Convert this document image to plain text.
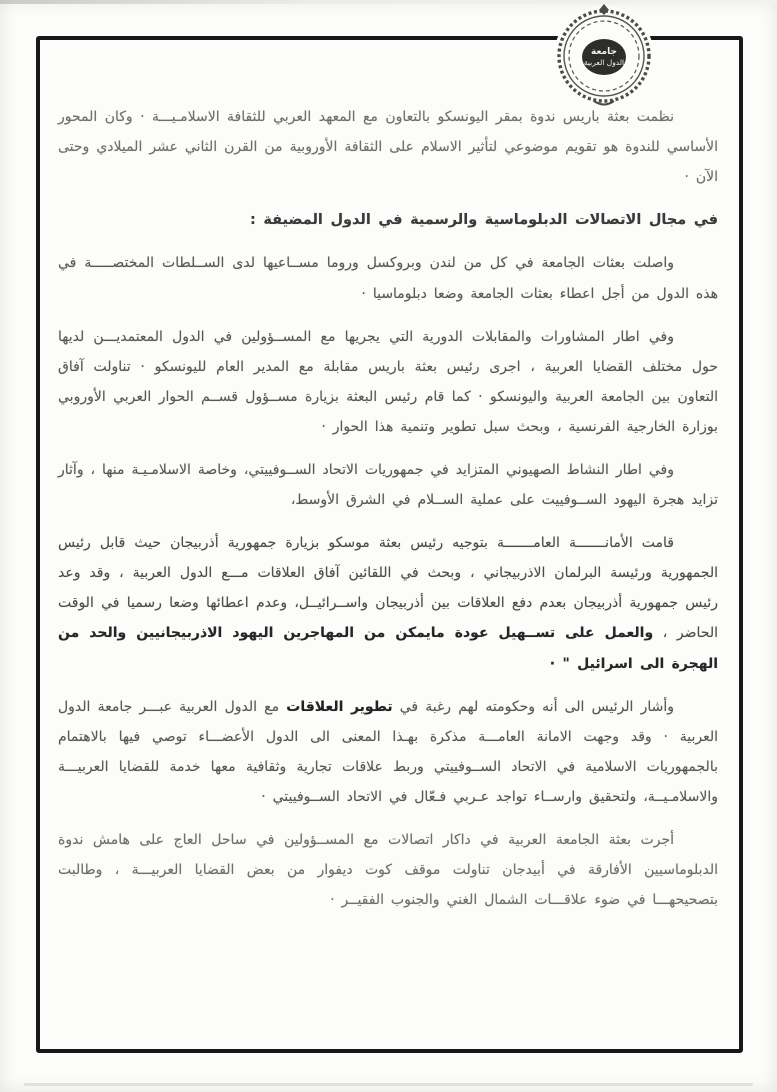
جامعة
الدول العربية

نظمت بعثة باريس ندوة بمقر اليونسكو بالتعاون مع المعهد العربي للثقافة الاسلامـيـــة · وكان المحور الأساسي للندوة هو تقويم موضوعي لتأثير الاسلام على الثقافة الأوروبية من القرن الثاني عشر الميلادي وحتى الآن ·

في مجال الاتصالات الدبلوماسية والرسمية في الدول المضيفة :

واصلت بعثات الجامعة في كل من لندن وبروكسل وروما مســاعيها لدى الســلطات المختصـــــة في هذه الدول من أجل اعطاء بعثات الجامعة وضعا دبلوماسيا ·

وفي اطار المشاورات والمقابلات الدورية التي يجريها مع المســؤولين في الدول المعتمديـــن لديها حول مختلف القضايا العربية ، اجرى رئيس بعثة باريس مقابلة مع المدير العام لليونسكو · تناولت آفاق التعاون بين الجامعة العربية واليونسكو · كما قام رئيس البعثة بزيارة مســؤول قســم الحوار العربي الأوروبي بوزارة الخارجية الفرنسية ، وبحث سبل تطوير وتنمية هذا الحوار ·

وفي اطار النشاط الصهيوني المتزايد في جمهوريات الاتحاد الســوفييتي، وخاصة الاسلامـيـة منها ، وآثار تزايد هجرة اليهود الســوفييت على عملية الســلام في الشرق الأوسط،

قامت الأمانـــــــة العامـــــــة بتوجيه رئيس بعثة موسكو بزيارة جمهورية أذربيجان حيث قابل رئيس الجمهورية ورئيسة البرلمان الاذربيجاني ، وبحث في اللقائين آفاق العلاقات مـــع الدول العربية ، وقد وعد رئيس جمهورية أذربيجان بعدم دفع العلاقات بين أذربيجان واســرائيــل، وعدم اعطائها وضعا رسميا في الوقت الحاضر ، والعمل على تســهيل عودة مايمكن من المهاجرين اليهود الاذربيجانيين والحد من الهجرة الى اسرائيل " ·

وأشار الرئيس الى أنه وحكومته لهم رغبة في تطوير العلاقات مع الدول العربية عبـــر جامعة الدول العربية · وقد وجهت الامانة العامـــة مذكرة بهـذا المعنى الى الدول الأعضـــاء توصي فيها بالاهتمام بالجمهوريات الاسلامية في الاتحاد الســوفييتي وربط علاقات تجارية وثقافية معها خدمة للقضايا العربيـــة والاسلامـيــة، ولتحقيق وارســاء تواجد عـربي فـعّال في الاتحاد الســوفييتي ·

أجرت بعثة الجامعة العربية في داكار اتصالات مع المســؤولين في ساحل العاج على هامش ندوة الدبلوماسيين الأفارقة في أبيدجان تناولت موقف كوت ديفوار من بعض القضايا العربيـــة ، وطالبت بتصحيحهـــا في ضوء علاقـــات الشمال الغني والجنوب الفقيــر ·
